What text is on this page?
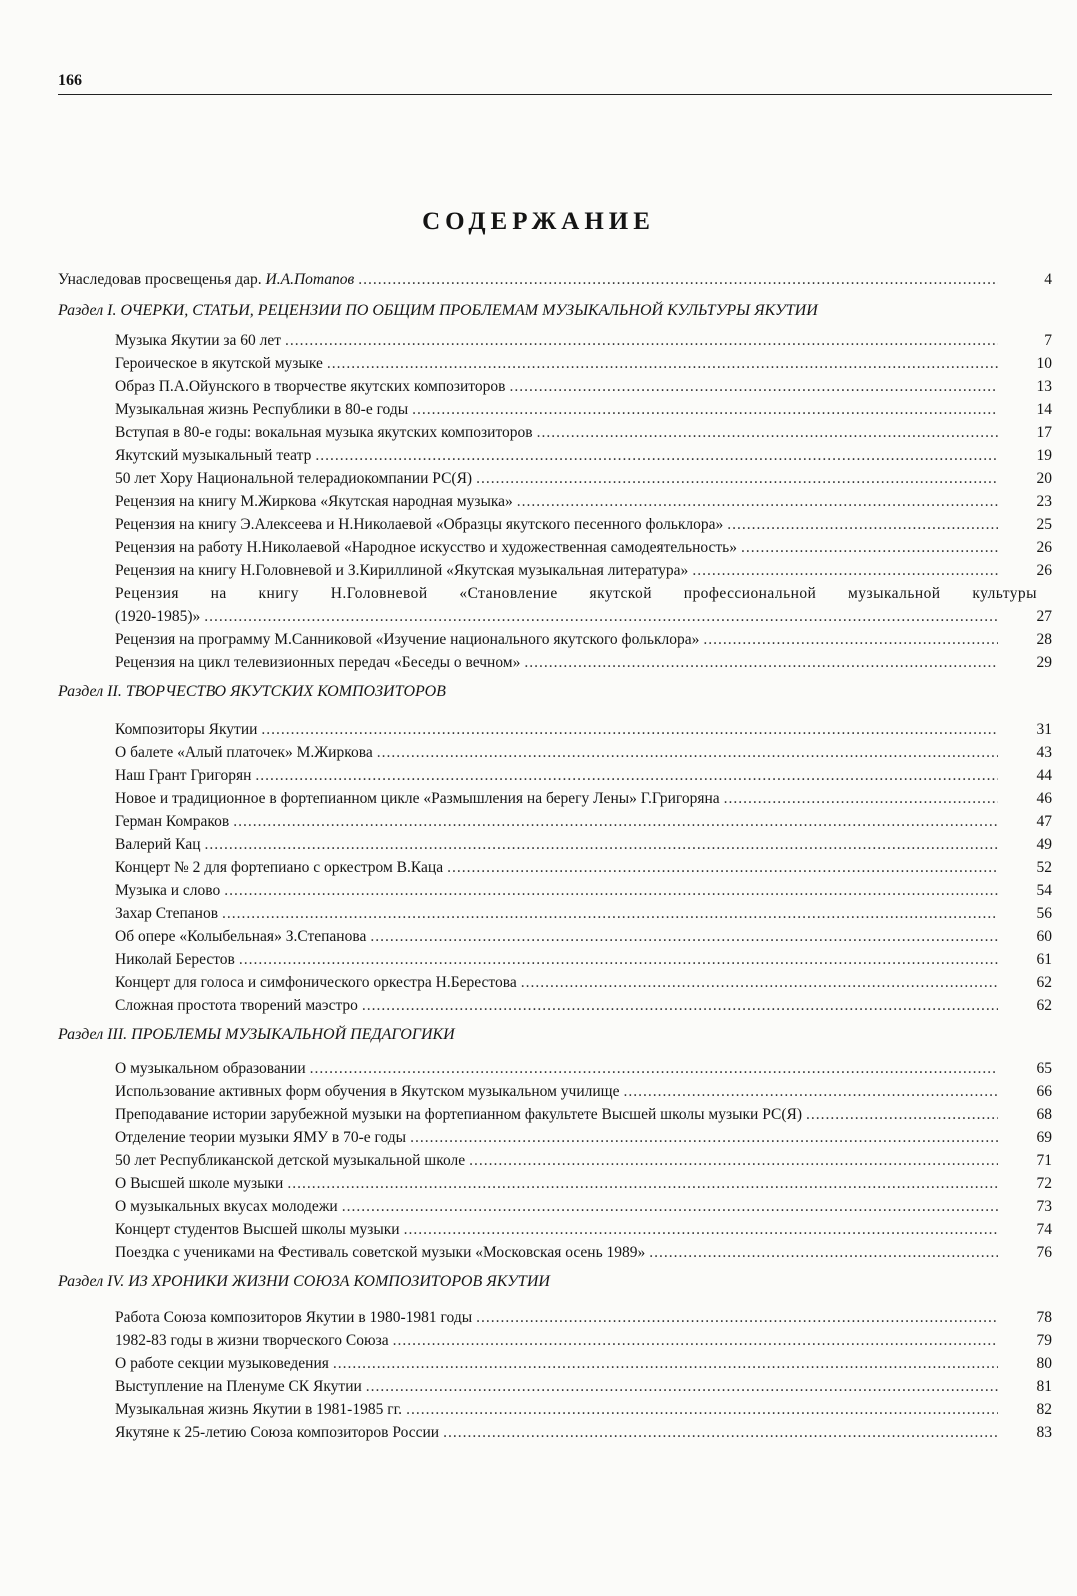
166
СОДЕРЖАНИЕ
Унаследовав просвещенья дар. И.А.Потапов .....	4
Раздел I. ОЧЕРКИ, СТАТЬИ, РЕЦЕНЗИИ ПО ОБЩИМ ПРОБЛЕМАМ МУЗЫКАЛЬНОЙ КУЛЬТУРЫ ЯКУТИИ
Музыка Якутии за 60 лет .....	7
Героическое в якутской музыке .....	10
Образ П.А.Ойунского в творчестве якутских композиторов .....	13
Музыкальная жизнь Республики в 80-е годы .....	14
Вступая в 80-е годы: вокальная музыка якутских композиторов .....	17
Якутский музыкальный театр .....	19
50 лет Хору Национальной телерадиокомпании РС(Я) .....	20
Рецензия на книгу М.Жиркова «Якутская народная музыка» .....	23
Рецензия на книгу Э.Алексеева и Н.Николаевой «Образцы якутского песенного фольклора» .....	25
Рецензия на работу Н.Николаевой «Народное искусство и художественная самодеятельность» .....	26
Рецензия на книгу Н.Головневой и З.Кириллиной «Якутская музыкальная литература» .....	26
Рецензия на книгу Н.Головневой «Становление якутской профессиональной музыкальной культуры
(1920-1985)» .....	27
Рецензия на программу М.Санниковой «Изучение национального якутского фольклора» .....	28
Рецензия на цикл телевизионных передач «Беседы о вечном» .....	29
Раздел II. ТВОРЧЕСТВО ЯКУТСКИХ КОМПОЗИТОРОВ
Композиторы Якутии .....	31
О балете «Алый платочек» М.Жиркова .....	43
Наш Грант Григорян .....	44
Новое и традиционное в фортепианном цикле «Размышления на берегу Лены» Г.Григоряна .....	46
Герман Комраков .....	47
Валерий Кац .....	49
Концерт № 2 для фортепиано с оркестром В.Каца .....	52
Музыка и слово .....	54
Захар Степанов .....	56
Об опере «Колыбельная» З.Степанова .....	60
Николай Берестов .....	61
Концерт для голоса и симфонического оркестра Н.Берестова .....	62
Сложная простота творений маэстро .....	62
Раздел III. ПРОБЛЕМЫ МУЗЫКАЛЬНОЙ ПЕДАГОГИКИ
О музыкальном образовании .....	65
Использование активных форм обучения в Якутском музыкальном училище .....	66
Преподавание истории зарубежной музыки на фортепианном факультете Высшей школы музыки РС(Я) .....	68
Отделение теории музыки ЯМУ в 70-е годы .....	69
50 лет Республиканской детской музыкальной школе .....	71
О Высшей школе музыки .....	72
О музыкальных вкусах молодежи .....	73
Концерт студентов Высшей школы музыки .....	74
Поездка с учениками на Фестиваль советской музыки «Московская осень 1989» .....	76
Раздел IV. ИЗ ХРОНИКИ ЖИЗНИ СОЮЗА КОМПОЗИТОРОВ ЯКУТИИ
Работа Союза композиторов Якутии в 1980-1981 годы .....	78
1982-83 годы в жизни творческого Союза .....	79
О работе секции музыковедения .....	80
Выступление на Пленуме СК Якутии .....	81
Музыкальная жизнь Якутии в 1981-1985 гг. .....	82
Якутяне к 25-летию Союза композиторов России .....	83
